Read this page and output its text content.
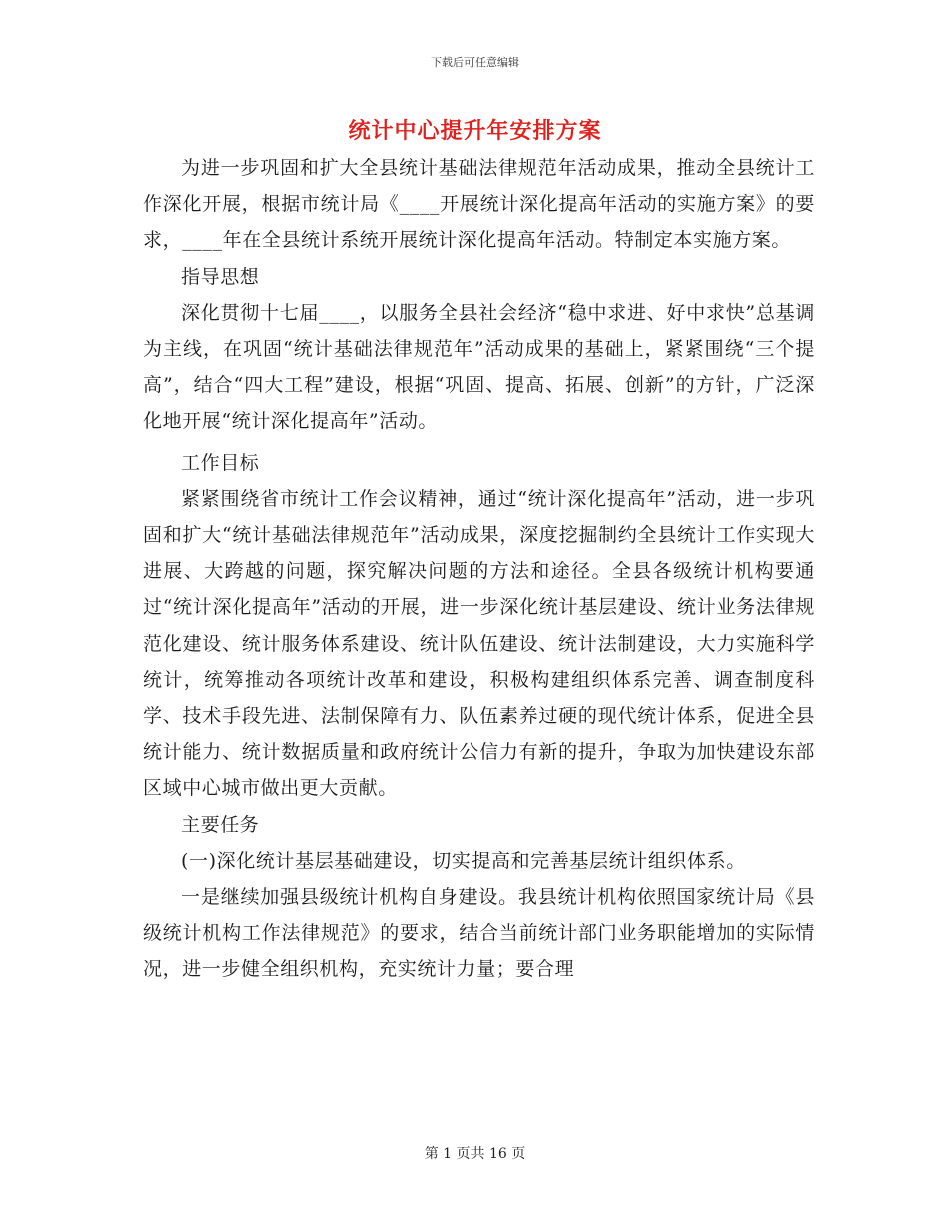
下载后可任意编辑
统计中心提升年安排方案

为进一步巩固和扩大全县统计基础法律规范年活动成果，推动全县统计工作深化开展，根据市统计局《____开展统计深化提高年活动的实施方案》的要求，____年在全县统计系统开展统计深化提高年活动。特制定本实施方案。

指导思想

深化贯彻十七届____，以服务全县社会经济“稳中求进、好中求快”总基调为主线，在巩固“统计基础法律规范年”活动成果的基础上，紧紧围绕“三个提高”，结合“四大工程”建设，根据“巩固、提高、拓展、创新”的方针，广泛深化地开展“统计深化提高年”活动。

工作目标

紧紧围绕省市统计工作会议精神，通过“统计深化提高年”活动，进一步巩固和扩大“统计基础法律规范年”活动成果，深度挖掘制约全县统计工作实现大进展、大跨越的问题，探究解决问题的方法和途径。全县各级统计机构要通过“统计深化提高年”活动的开展，进一步深化统计基层建设、统计业务法律规范化建设、统计服务体系建设、统计队伍建设、统计法制建设，大力实施科学统计，统筹推动各项统计改革和建设，积极构建组织体系完善、调查制度科学、技术手段先进、法制保障有力、队伍素养过硬的现代统计体系，促进全县统计能力、统计数据质量和政府统计公信力有新的提升，争取为加快建设东部区域中心城市做出更大贡献。

主要任务

(一)深化统计基层基础建设，切实提高和完善基层统计组织体系。

一是继续加强县级统计机构自身建设。我县统计机构依照国家统计局《县级统计机构工作法律规范》的要求，结合当前统计部门业务职能增加的实际情况，进一步健全组织机构，充实统计力量；要合理

第 1 页共 16 页
